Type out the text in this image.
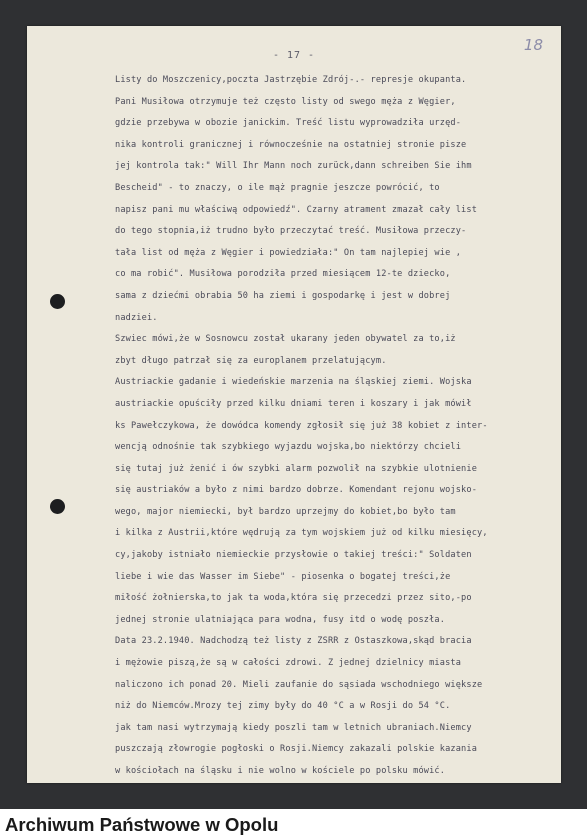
- 17 -
18
Listy do Moszczenicy,poczta Jastrzębie Zdrój-.- represje okupanta.
Pani Musiłowa otrzymuje też często listy od swego męża z Węgier,
gdzie przebywa w obozie janickim. Treść listu wyprowadziła urzęd-
nika kontroli granicznej i równocześnie na ostatniej stronie pisze
jej kontrola tak:" Will Ihr Mann noch zurück,dann schreiben Sie ihm
Bescheid" - to znaczy, o ile mąż pragnie jeszcze powrócić, to
napisz pani mu właściwą odpowiedź". Czarny atrament zmazał cały list
do tego stopnia,iż trudno było przeczytać treść. Musiłowa przeczy-
tała list od męża z Węgier i powiedziała:" On tam najlepiej wie ,
co ma robić". Musiłowa porodziła przed miesiącem 12-te dziecko,
sama z dziećmi obrabia 50 ha ziemi i gospodarkę i jest w dobrej
nadziei.
Szwiec mówi,że w Sosnowcu został ukarany jeden obywatel za to,iż
zbyt długo patrzał się za europlanem przelatującym.
Austriackie gadanie i wiedeńskie marzenia na śląskiej ziemi. Wojska
austriackie opuściły przed kilku dniami teren i koszary i jak mówił
ks Pawełczykowa, że dowódca komendy zgłosił się już 38 kobiet z inter-
wencją odnośnie tak szybkiego wyjazdu wojska,bo niektórzy chcieli
się tutaj już żenić i ów szybki alarm pozwolił na szybkie ulotnienie
się austriaków a było z nimi bardzo dobrze. Komendant rejonu wojsko-
wego, major niemiecki, był bardzo uprzejmy do kobiet,bo było tam
i kilka z Austrii,które wędrują za tym wojskiem już od kilku miesięcy,
cy,jakoby istniało niemieckie przysłowie o takiej treści:" Soldaten
liebe i wie das Wasser im Siebe" - piosenka o bogatej treści,że
miłość żołnierska,to jak ta woda,która się przecedzi przez sito,-po
jednej stronie ulatniająca para wodna, fusy itd o wodę poszła.
Data 23.2.1940. Nadchodzą też listy z ZSRR z Ostaszkowa,skąd bracia
i mężowie piszą,że są w całości zdrowi. Z jednej dzielnicy miasta
naliczono ich ponad 20. Mieli zaufanie do sąsiada wschodniego większe
niż do Niemców.Mrozy tej zimy były do 40 °C a w Rosji do 54 °C.
jak tam nasi wytrzymają kiedy poszli tam w letnich ubraniach.Niemcy
puszczają złowrogie pogłoski o Rosji.Niemcy zakazali polskie kazania
w kościołach na śląsku i nie wolno w kościele po polsku mówić.
Archiwum Państwowe w Opolu
